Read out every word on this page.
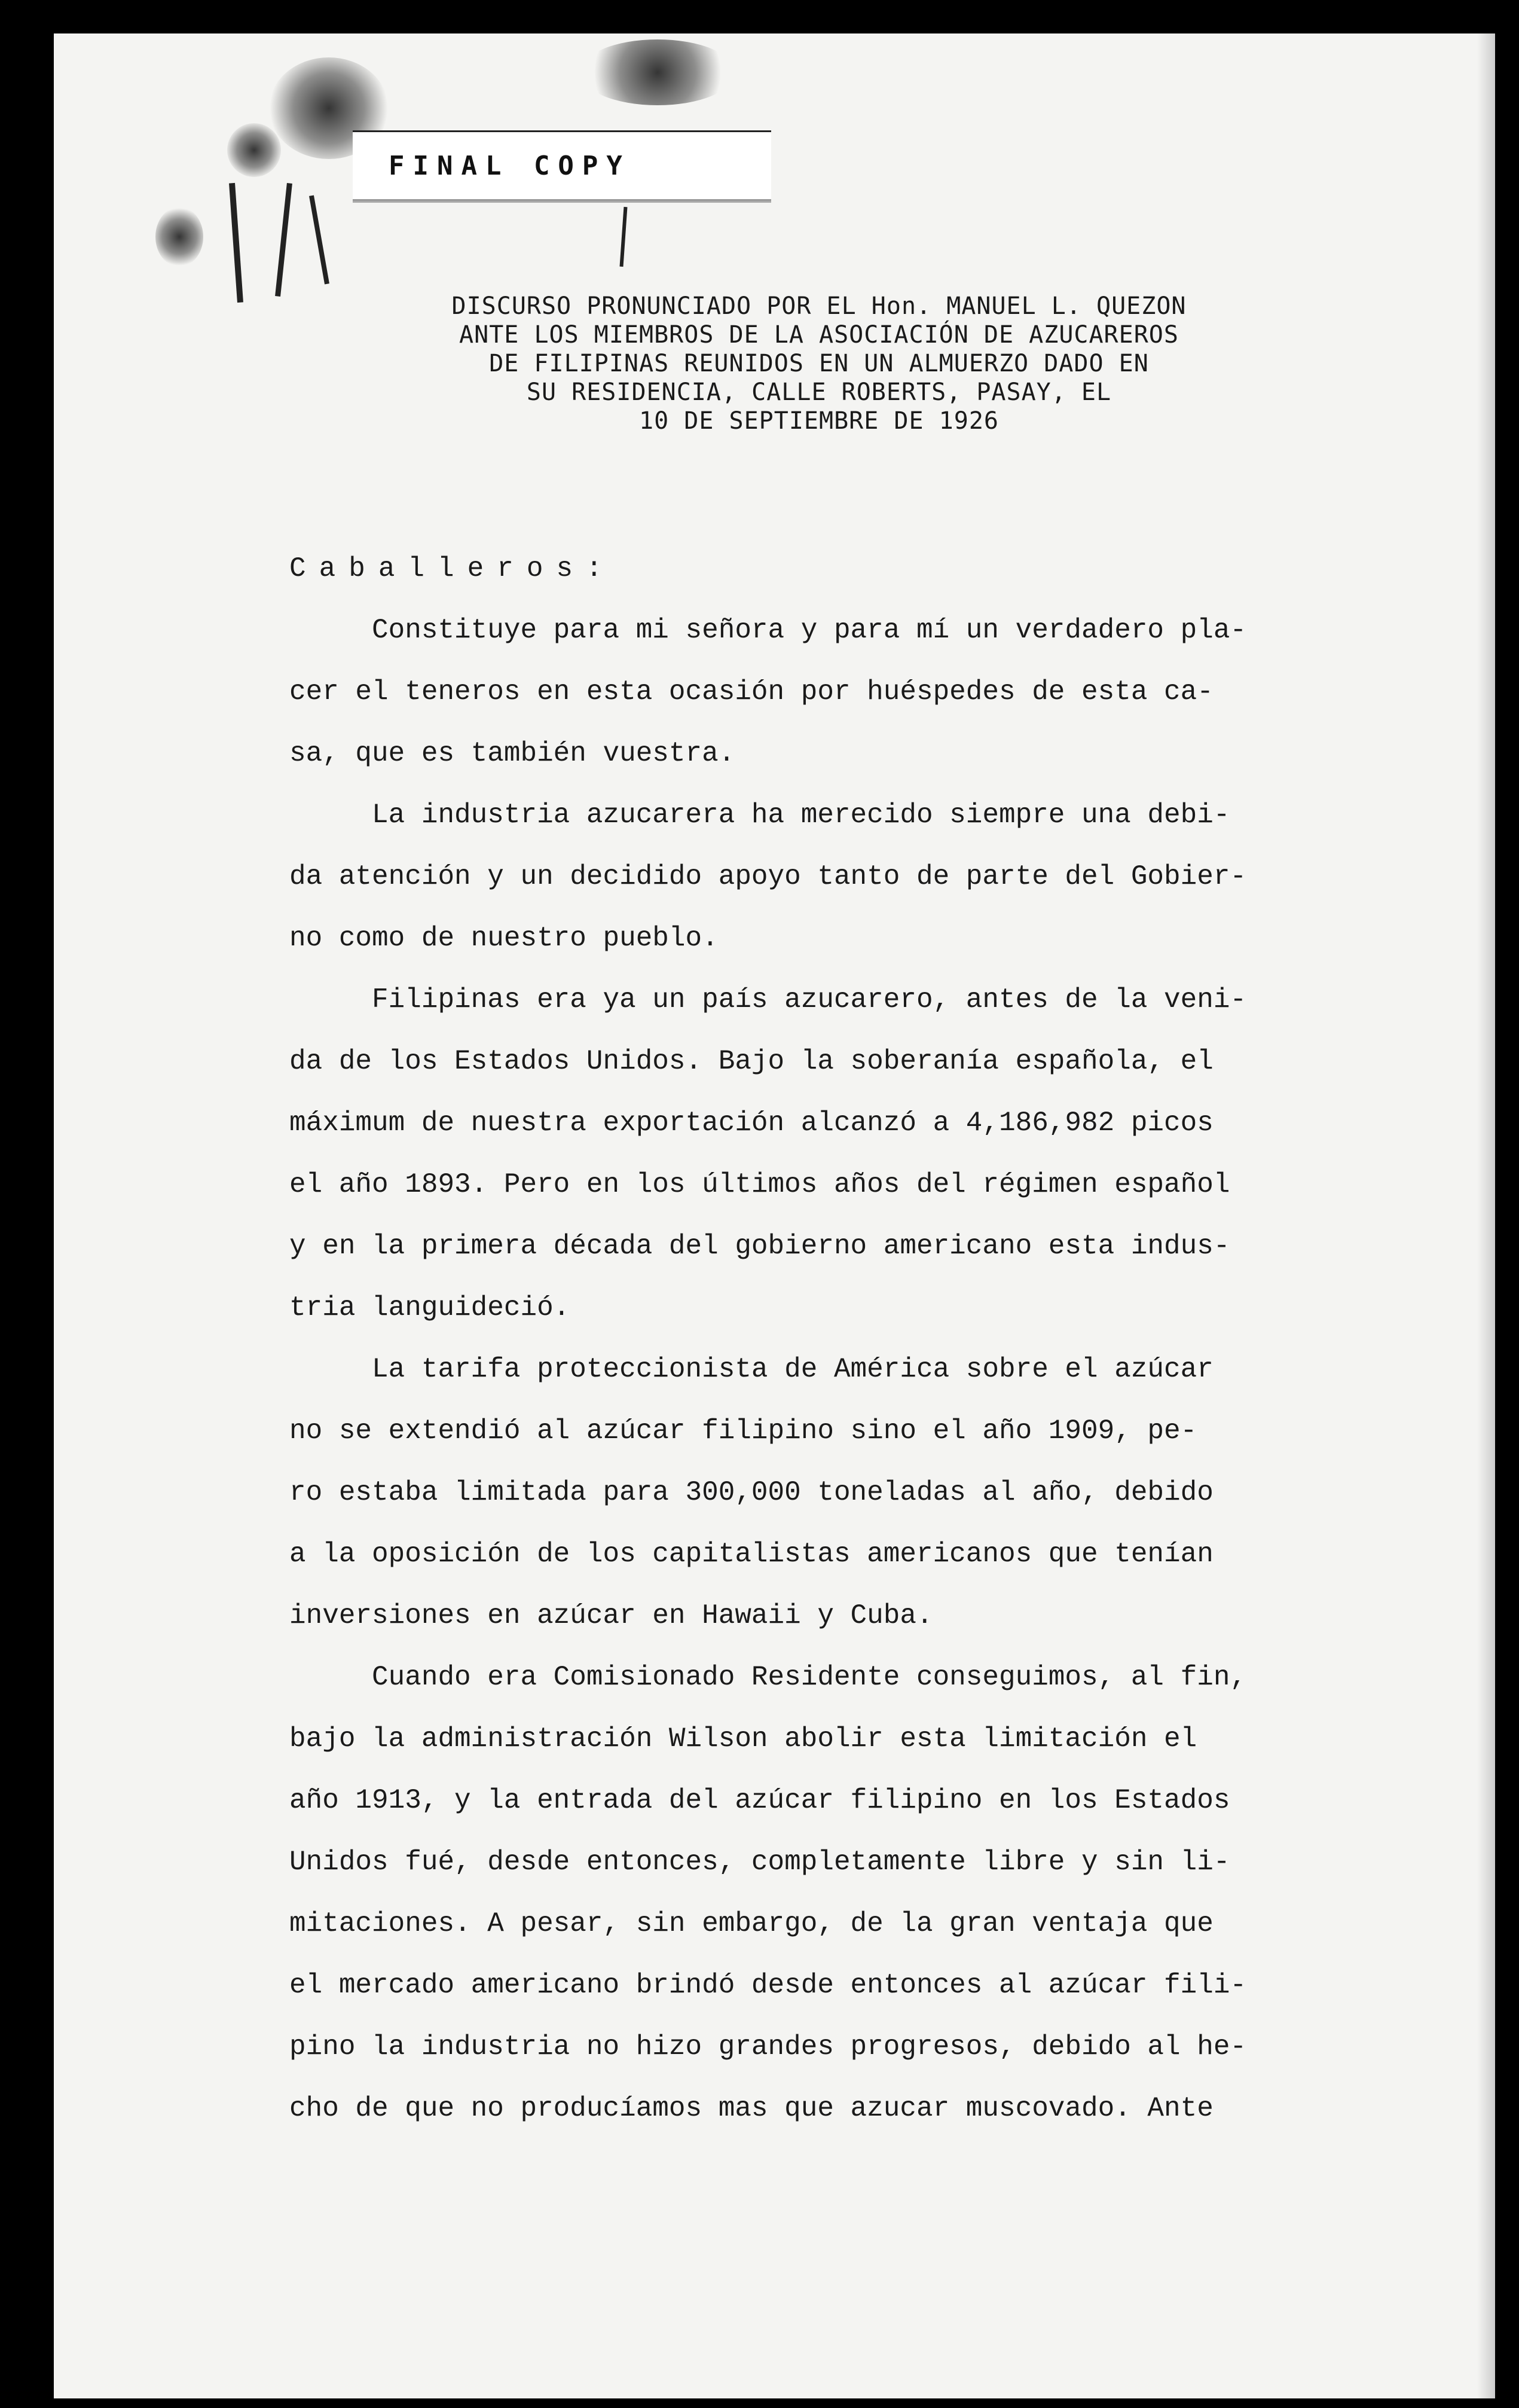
FINAL COPY
DISCURSO PRONUNCIADO POR EL Hon. MANUEL L. QUEZON
ANTE LOS MIEMBROS DE LA ASOCIACIÓN DE AZUCAREROS
DE FILIPINAS REUNIDOS EN UN ALMUERZO DADO EN
SU RESIDENCIA, CALLE ROBERTS, PASAY, EL
10 DE SEPTIEMBRE DE 1926
Caballeros:
Constituye para mi señora y para mí un verdadero pla-
cer el teneros en esta ocasión por huéspedes de esta ca-
sa, que es también vuestra.
La industria azucarera ha merecido siempre una debi-
da atención y un decidido apoyo tanto de parte del Gobier-
no como de nuestro pueblo.
Filipinas era ya un país azucarero, antes de la veni-
da de los Estados Unidos. Bajo la soberanía española, el
máximum de nuestra exportación alcanzó a 4,186,982 picos
el año 1893. Pero en los últimos años del régimen español
y en la primera década del gobierno americano esta indus-
tria languideció.
La tarifa proteccionista de América sobre el azúcar
no se extendió al azúcar filipino sino el año 1909, pe-
ro estaba limitada para 300,000 toneladas al año, debido
a la oposición de los capitalistas americanos que tenían
inversiones en azúcar en Hawaii y Cuba.
Cuando era Comisionado Residente conseguimos, al fin,
bajo la administración Wilson abolir esta limitación el
año 1913, y la entrada del azúcar filipino en los Estados
Unidos fué, desde entonces, completamente libre y sin li-
mitaciones. A pesar, sin embargo, de la gran ventaja que
el mercado americano brindó desde entonces al azúcar fili-
pino la industria no hizo grandes progresos, debido al he-
cho de que no producíamos mas que azucar muscovado. Ante
